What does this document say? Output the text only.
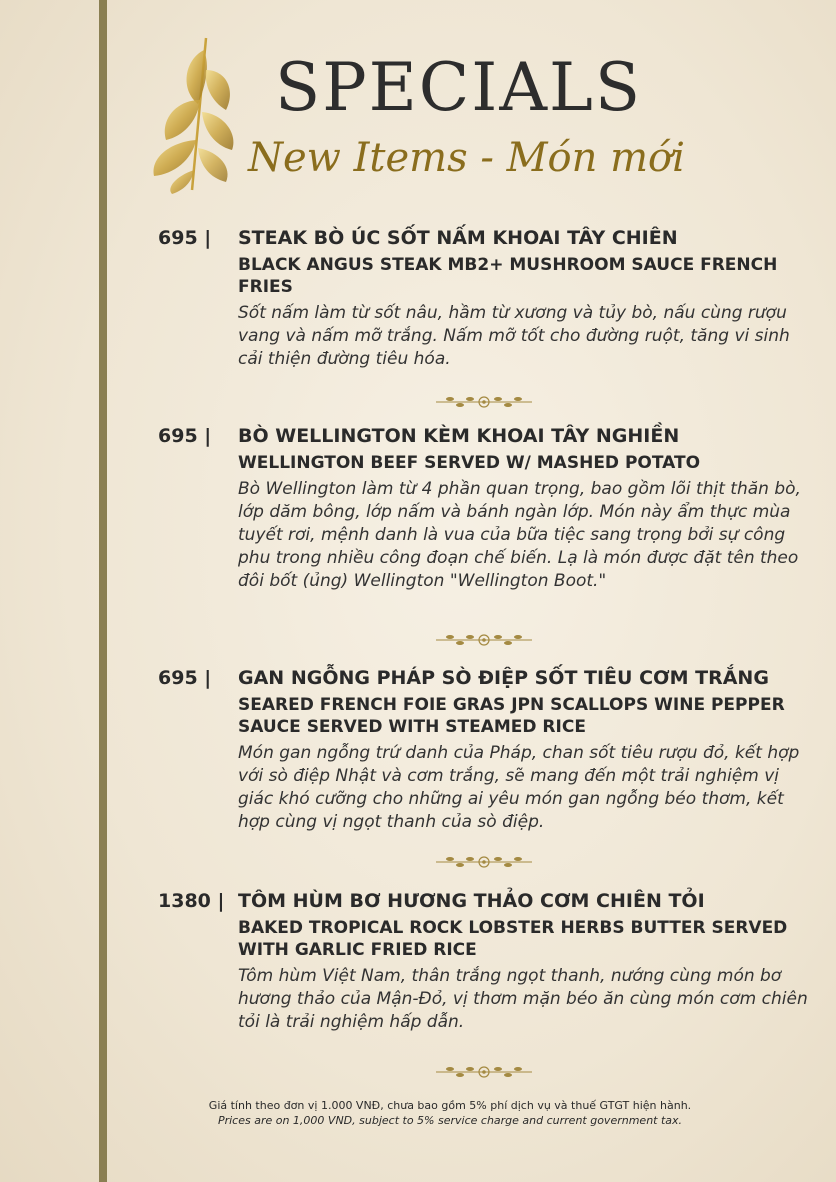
SPECIALS
New Items - Món mới
695 | STEAK BÒ ÚC SỐT NẤM KHOAI TÂY CHIÊN

BLACK ANGUS STEAK MB2+ MUSHROOM SAUCE FRENCH FRIES

Sốt nấm làm từ sốt nâu, hầm từ xương và tủy bò, nấu cùng rượu vang và nấm mỡ trắng. Nấm mỡ tốt cho đường ruột, tăng vi sinh cải thiện đường tiêu hóa.

695 | BÒ WELLINGTON KÈM KHOAI TÂY NGHIỀN

WELLINGTON BEEF SERVED W/ MASHED POTATO

Bò Wellington làm từ 4 phần quan trọng, bao gồm lõi thịt thăn bò, lớp dăm bông, lớp nấm và bánh ngàn lớp. Món này ẩm thực mùa tuyết rơi, mệnh danh là vua của bữa tiệc sang trọng bởi sự công phu trong nhiều công đoạn chế biến. Lạ là món được đặt tên theo đôi bốt (ủng) Wellington "Wellington Boot."

695 | GAN NGỖNG PHÁP SÒ ĐIỆP SỐT TIÊU CƠM TRẮNG

SEARED FRENCH FOIE GRAS JPN SCALLOPS WINE PEPPER SAUCE SERVED WITH STEAMED RICE

Món gan ngỗng trứ danh của Pháp, chan sốt tiêu rượu đỏ, kết hợp với sò điệp Nhật và cơm trắng, sẽ mang đến một trải nghiệm vị giác khó cưỡng cho những ai yêu món gan ngỗng béo thơm, kết hợp cùng vị ngọt thanh của sò điệp.

1380 | TÔM HÙM BƠ HƯƠNG THẢO CƠM CHIÊN TỎI

BAKED TROPICAL ROCK LOBSTER HERBS BUTTER SERVED WITH GARLIC FRIED RICE

Tôm hùm Việt Nam, thân trắng ngọt thanh, nướng cùng món bơ hương thảo của Mận-Đỏ, vị thơm mặn béo ăn cùng món cơm chiên tỏi là trải nghiệm hấp dẫn.

Giá tính theo đơn vị 1.000 VNĐ, chưa bao gồm 5% phí dịch vụ và thuế GTGT hiện hành.
Prices are on 1,000 VND, subject to 5% service charge and current government tax.
